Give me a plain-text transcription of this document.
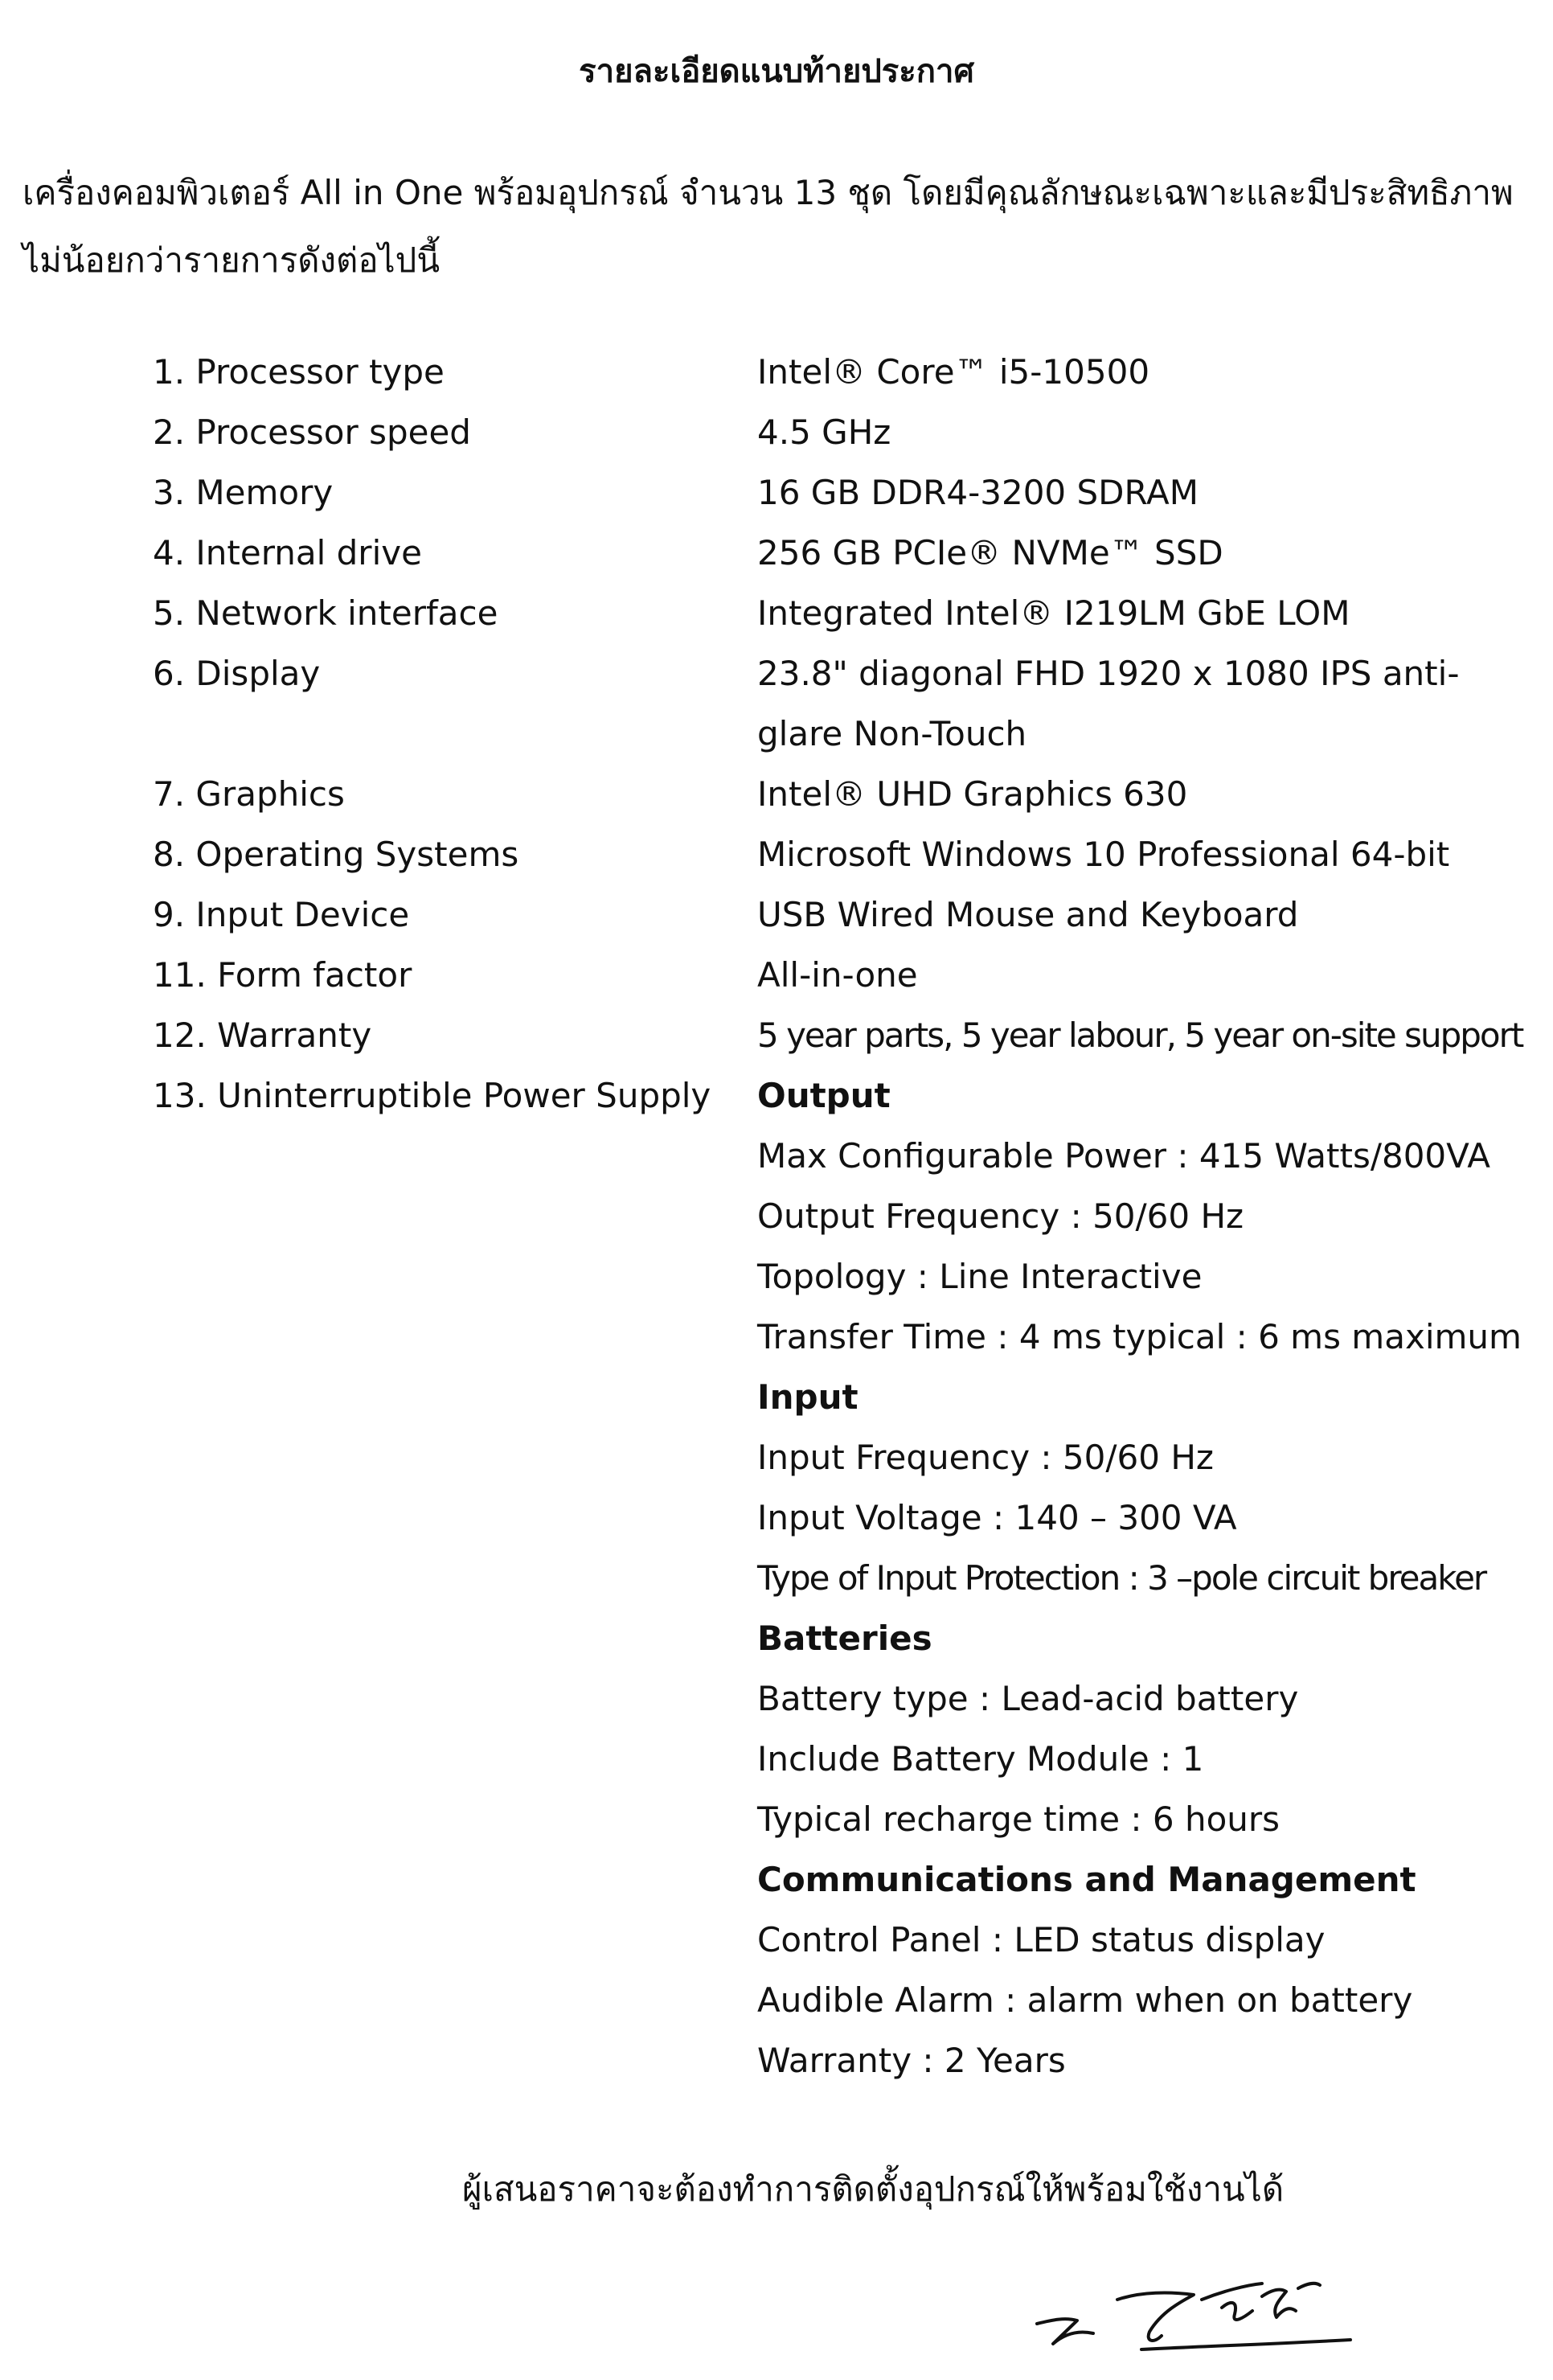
รายละเอียดแนบท้ายประกาศ
เครื่องคอมพิวเตอร์ All in One พร้อมอุปกรณ์ จำนวน 13 ชุด โดยมีคุณลักษณะเฉพาะและมีประสิทธิภาพไม่น้อยกว่ารายการดังต่อไปนี้
1. Processor type	Intel® Core™ i5-10500
2. Processor speed	4.5 GHz
3. Memory	16 GB DDR4-3200 SDRAM
4. Internal drive	256 GB PCIe® NVMe™ SSD
5. Network interface	Integrated Intel® I219LM GbE LOM
6. Display	23.8" diagonal FHD 1920 x 1080 IPS anti-
glare Non-Touch
7. Graphics	Intel® UHD Graphics 630
8. Operating Systems	Microsoft Windows 10 Professional 64-bit
9. Input Device	USB Wired Mouse and Keyboard
11. Form factor	All-in-one
12. Warranty	5 year parts, 5 year labour, 5 year on-site support
13. Uninterruptible Power Supply	Output
Max Configurable Power : 415 Watts/800VA
Output Frequency : 50/60 Hz
Topology : Line Interactive
Transfer Time : 4 ms typical : 6 ms maximum
Input
Input Frequency : 50/60 Hz
Input Voltage : 140 – 300 VA
Type of Input Protection : 3 –pole circuit breaker
Batteries
Battery type : Lead-acid battery
Include Battery Module : 1
Typical recharge time : 6 hours
Communications and Management
Control Panel : LED status display
Audible Alarm : alarm when on battery
Warranty : 2 Years
ผู้เสนอราคาจะต้องทำการติดตั้งอุปกรณ์ให้พร้อมใช้งานได้
